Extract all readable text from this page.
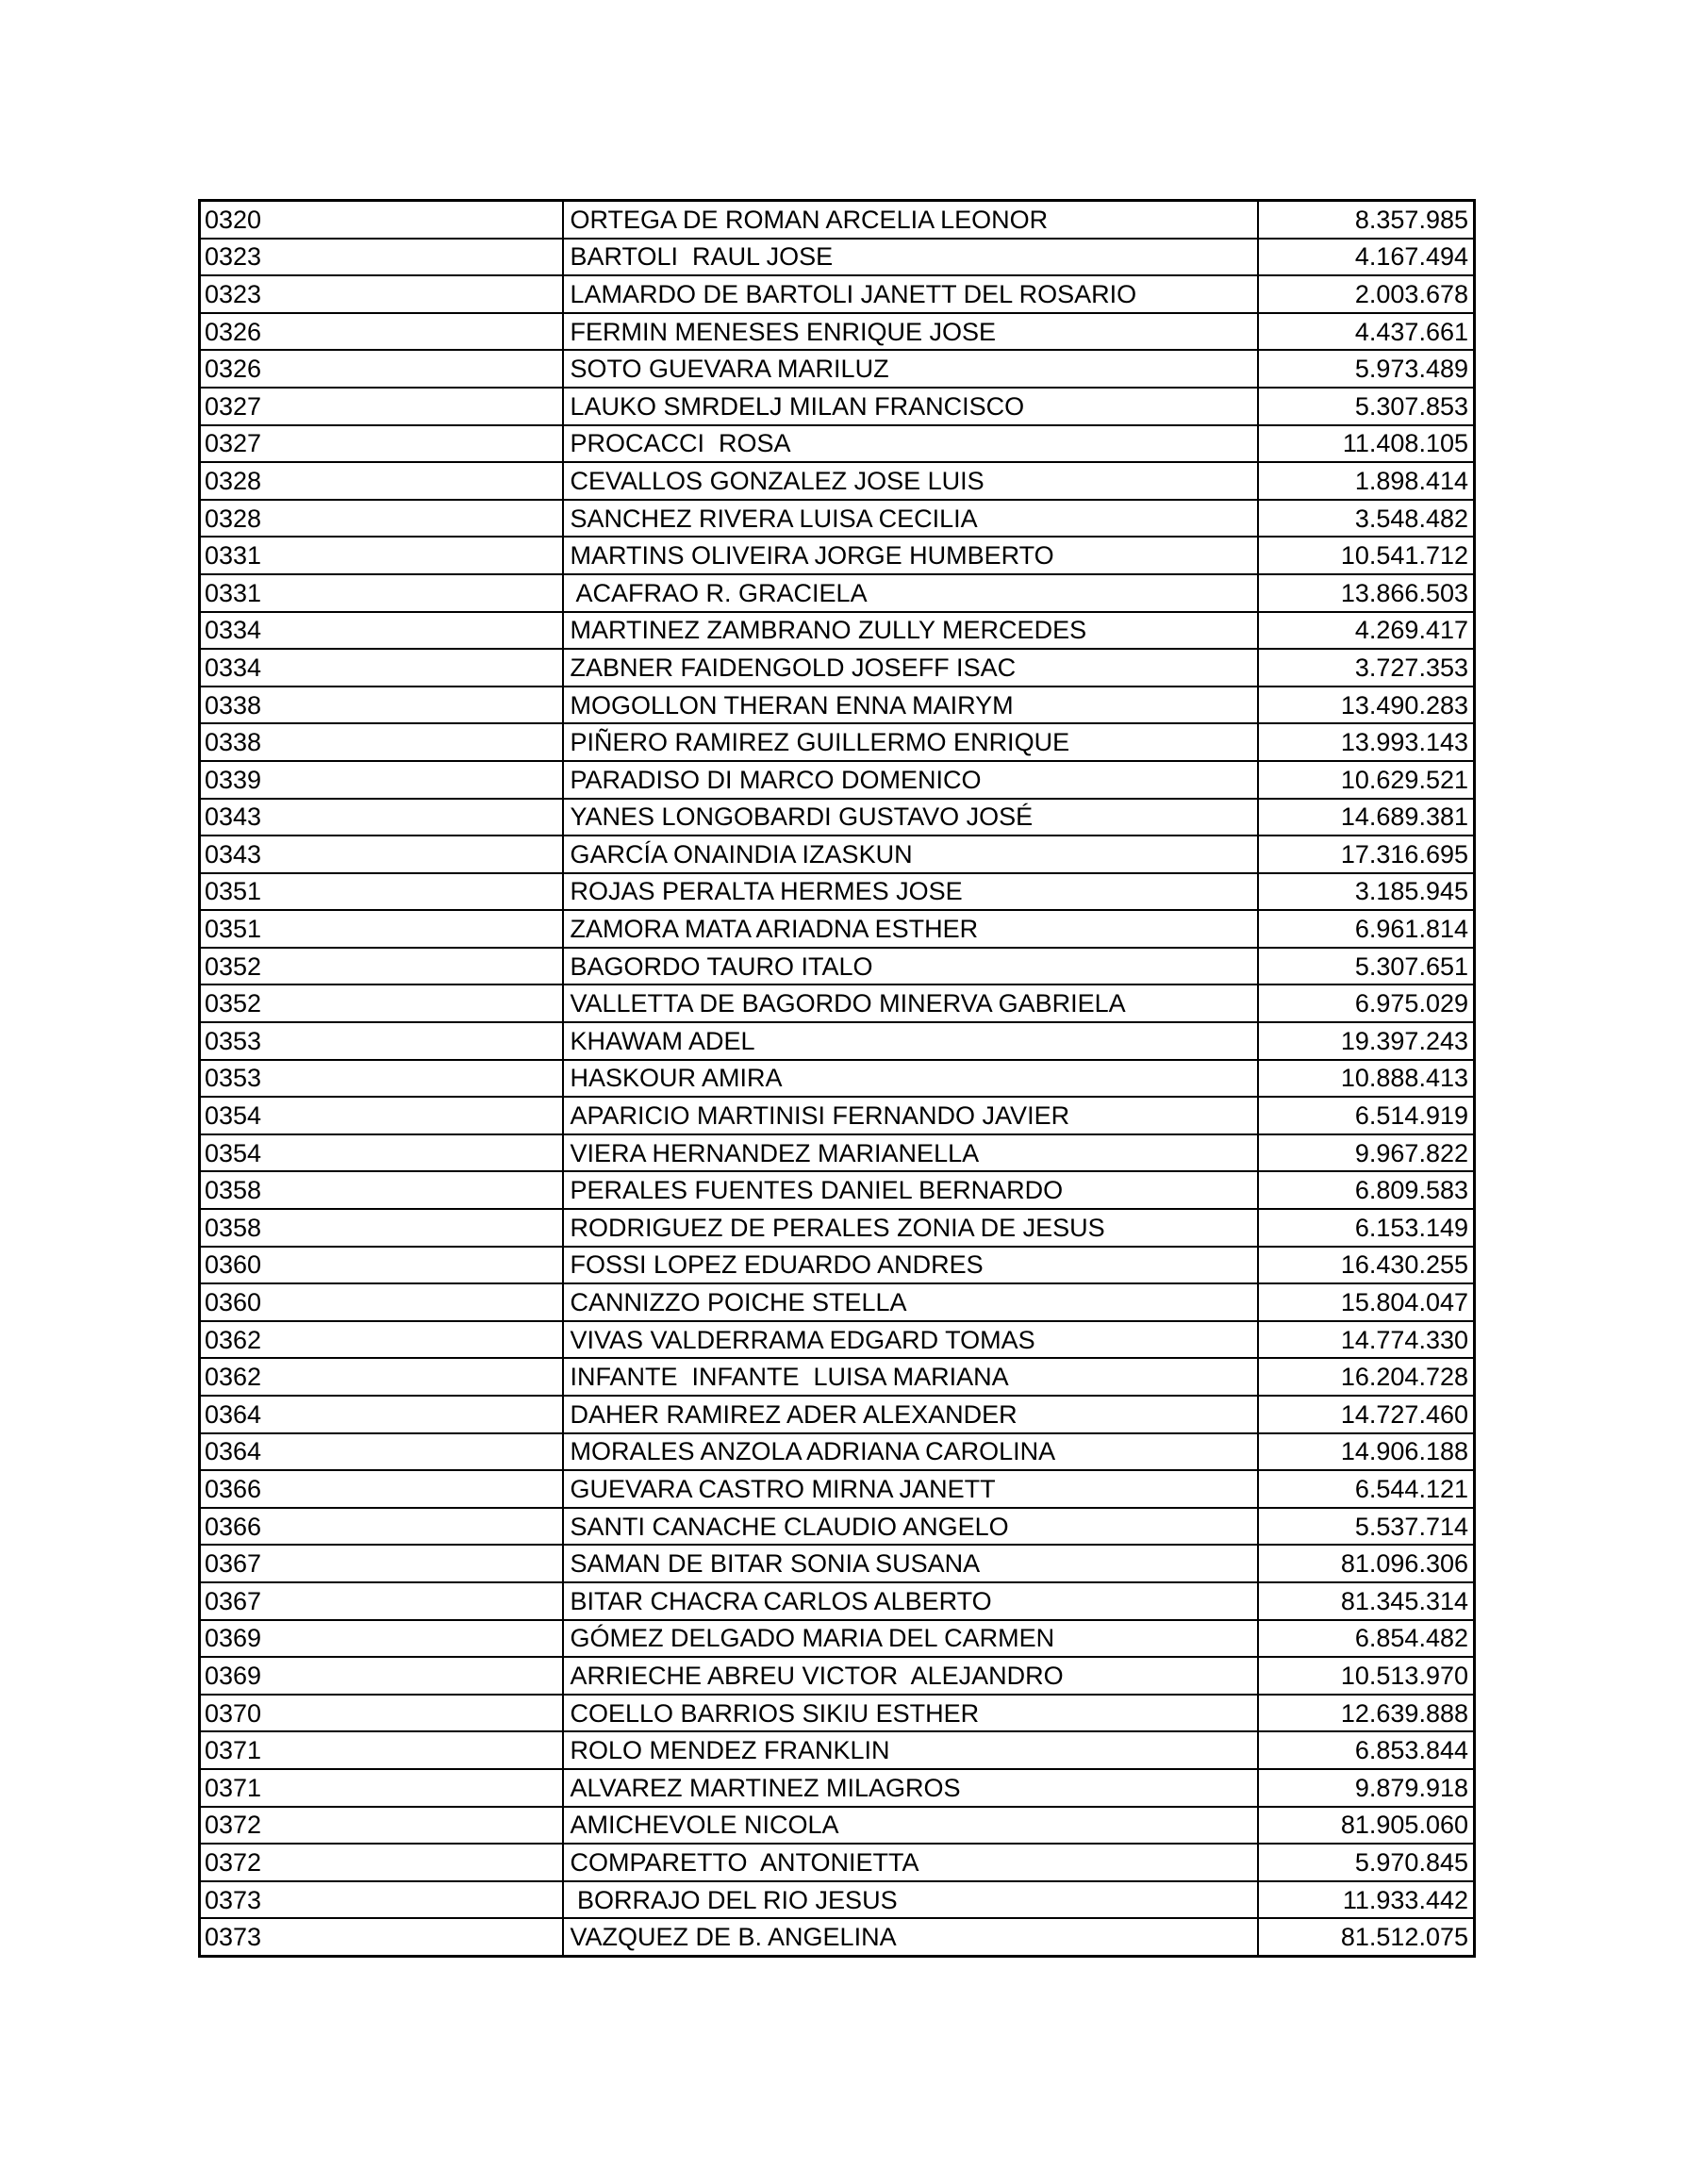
0320	ORTEGA DE ROMAN ARCELIA LEONOR	8.357.985
0323	BARTOLI  RAUL JOSE	4.167.494
0323	LAMARDO DE BARTOLI JANETT DEL ROSARIO	2.003.678
0326	FERMIN MENESES ENRIQUE JOSE	4.437.661
0326	SOTO GUEVARA MARILUZ	5.973.489
0327	LAUKO SMRDELJ MILAN FRANCISCO	5.307.853
0327	PROCACCI  ROSA	11.408.105
0328	CEVALLOS GONZALEZ JOSE LUIS	1.898.414
0328	SANCHEZ RIVERA LUISA CECILIA	3.548.482
0331	MARTINS OLIVEIRA JORGE HUMBERTO	10.541.712
0331	ACAFRAO R. GRACIELA	13.866.503
0334	MARTINEZ ZAMBRANO ZULLY MERCEDES	4.269.417
0334	ZABNER FAIDENGOLD JOSEFF ISAC	3.727.353
0338	MOGOLLON THERAN ENNA MAIRYM	13.490.283
0338	PIÑERO RAMIREZ GUILLERMO ENRIQUE	13.993.143
0339	PARADISO DI MARCO DOMENICO	10.629.521
0343	YANES LONGOBARDI GUSTAVO JOSÉ	14.689.381
0343	GARCÍA ONAINDIA IZASKUN	17.316.695
0351	ROJAS PERALTA HERMES JOSE	3.185.945
0351	ZAMORA MATA ARIADNA ESTHER	6.961.814
0352	BAGORDO TAURO ITALO	5.307.651
0352	VALLETTA DE BAGORDO MINERVA GABRIELA	6.975.029
0353	KHAWAM ADEL	19.397.243
0353	HASKOUR AMIRA	10.888.413
0354	APARICIO MARTINISI FERNANDO JAVIER	6.514.919
0354	VIERA HERNANDEZ MARIANELLA	9.967.822
0358	PERALES FUENTES DANIEL BERNARDO	6.809.583
0358	RODRIGUEZ DE PERALES ZONIA DE JESUS	6.153.149
0360	FOSSI LOPEZ EDUARDO ANDRES	16.430.255
0360	CANNIZZO POICHE STELLA	15.804.047
0362	VIVAS VALDERRAMA EDGARD TOMAS	14.774.330
0362	INFANTE  INFANTE  LUISA MARIANA	16.204.728
0364	DAHER RAMIREZ ADER ALEXANDER	14.727.460
0364	MORALES ANZOLA ADRIANA CAROLINA	14.906.188
0366	GUEVARA CASTRO MIRNA JANETT	6.544.121
0366	SANTI CANACHE CLAUDIO ANGELO	5.537.714
0367	SAMAN DE BITAR SONIA SUSANA	81.096.306
0367	BITAR CHACRA CARLOS ALBERTO	81.345.314
0369	GÓMEZ DELGADO MARIA DEL CARMEN	6.854.482
0369	ARRIECHE ABREU VICTOR  ALEJANDRO	10.513.970
0370	COELLO BARRIOS SIKIU ESTHER	12.639.888
0371	ROLO MENDEZ FRANKLIN	6.853.844
0371	ALVAREZ MARTINEZ MILAGROS	9.879.918
0372	AMICHEVOLE NICOLA	81.905.060
0372	COMPARETTO  ANTONIETTA	5.970.845
0373	BORRAJO DEL RIO JESUS	11.933.442
0373	VAZQUEZ DE B. ANGELINA	81.512.075
